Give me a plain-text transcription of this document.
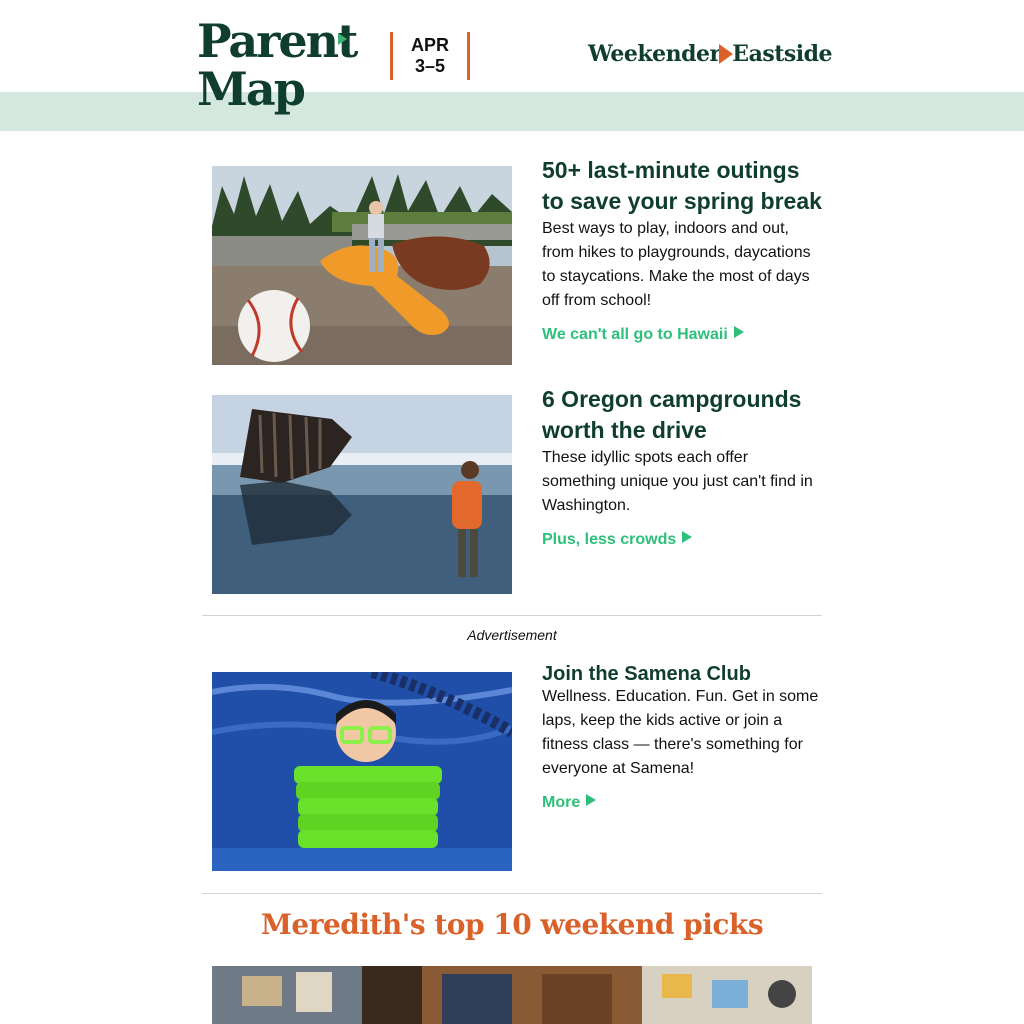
Parent
Map
APR
3–5	Weekender Eastside
50+ last-minute outings to save your spring break

Best ways to play, indoors and out, from hikes to playgrounds, daycations to staycations. Make the most of days off from school!

We can't all go to Hawaii
6 Oregon campgrounds worth the drive

These idyllic spots each offer something unique you just can't find in Washington.

Plus, less crowds
Advertisement
Join the Samena Club

Wellness. Education. Fun. Get in some laps, keep the kids active or join a fitness class — there's something for everyone at Samena!

More
Meredith's top 10 weekend picks
